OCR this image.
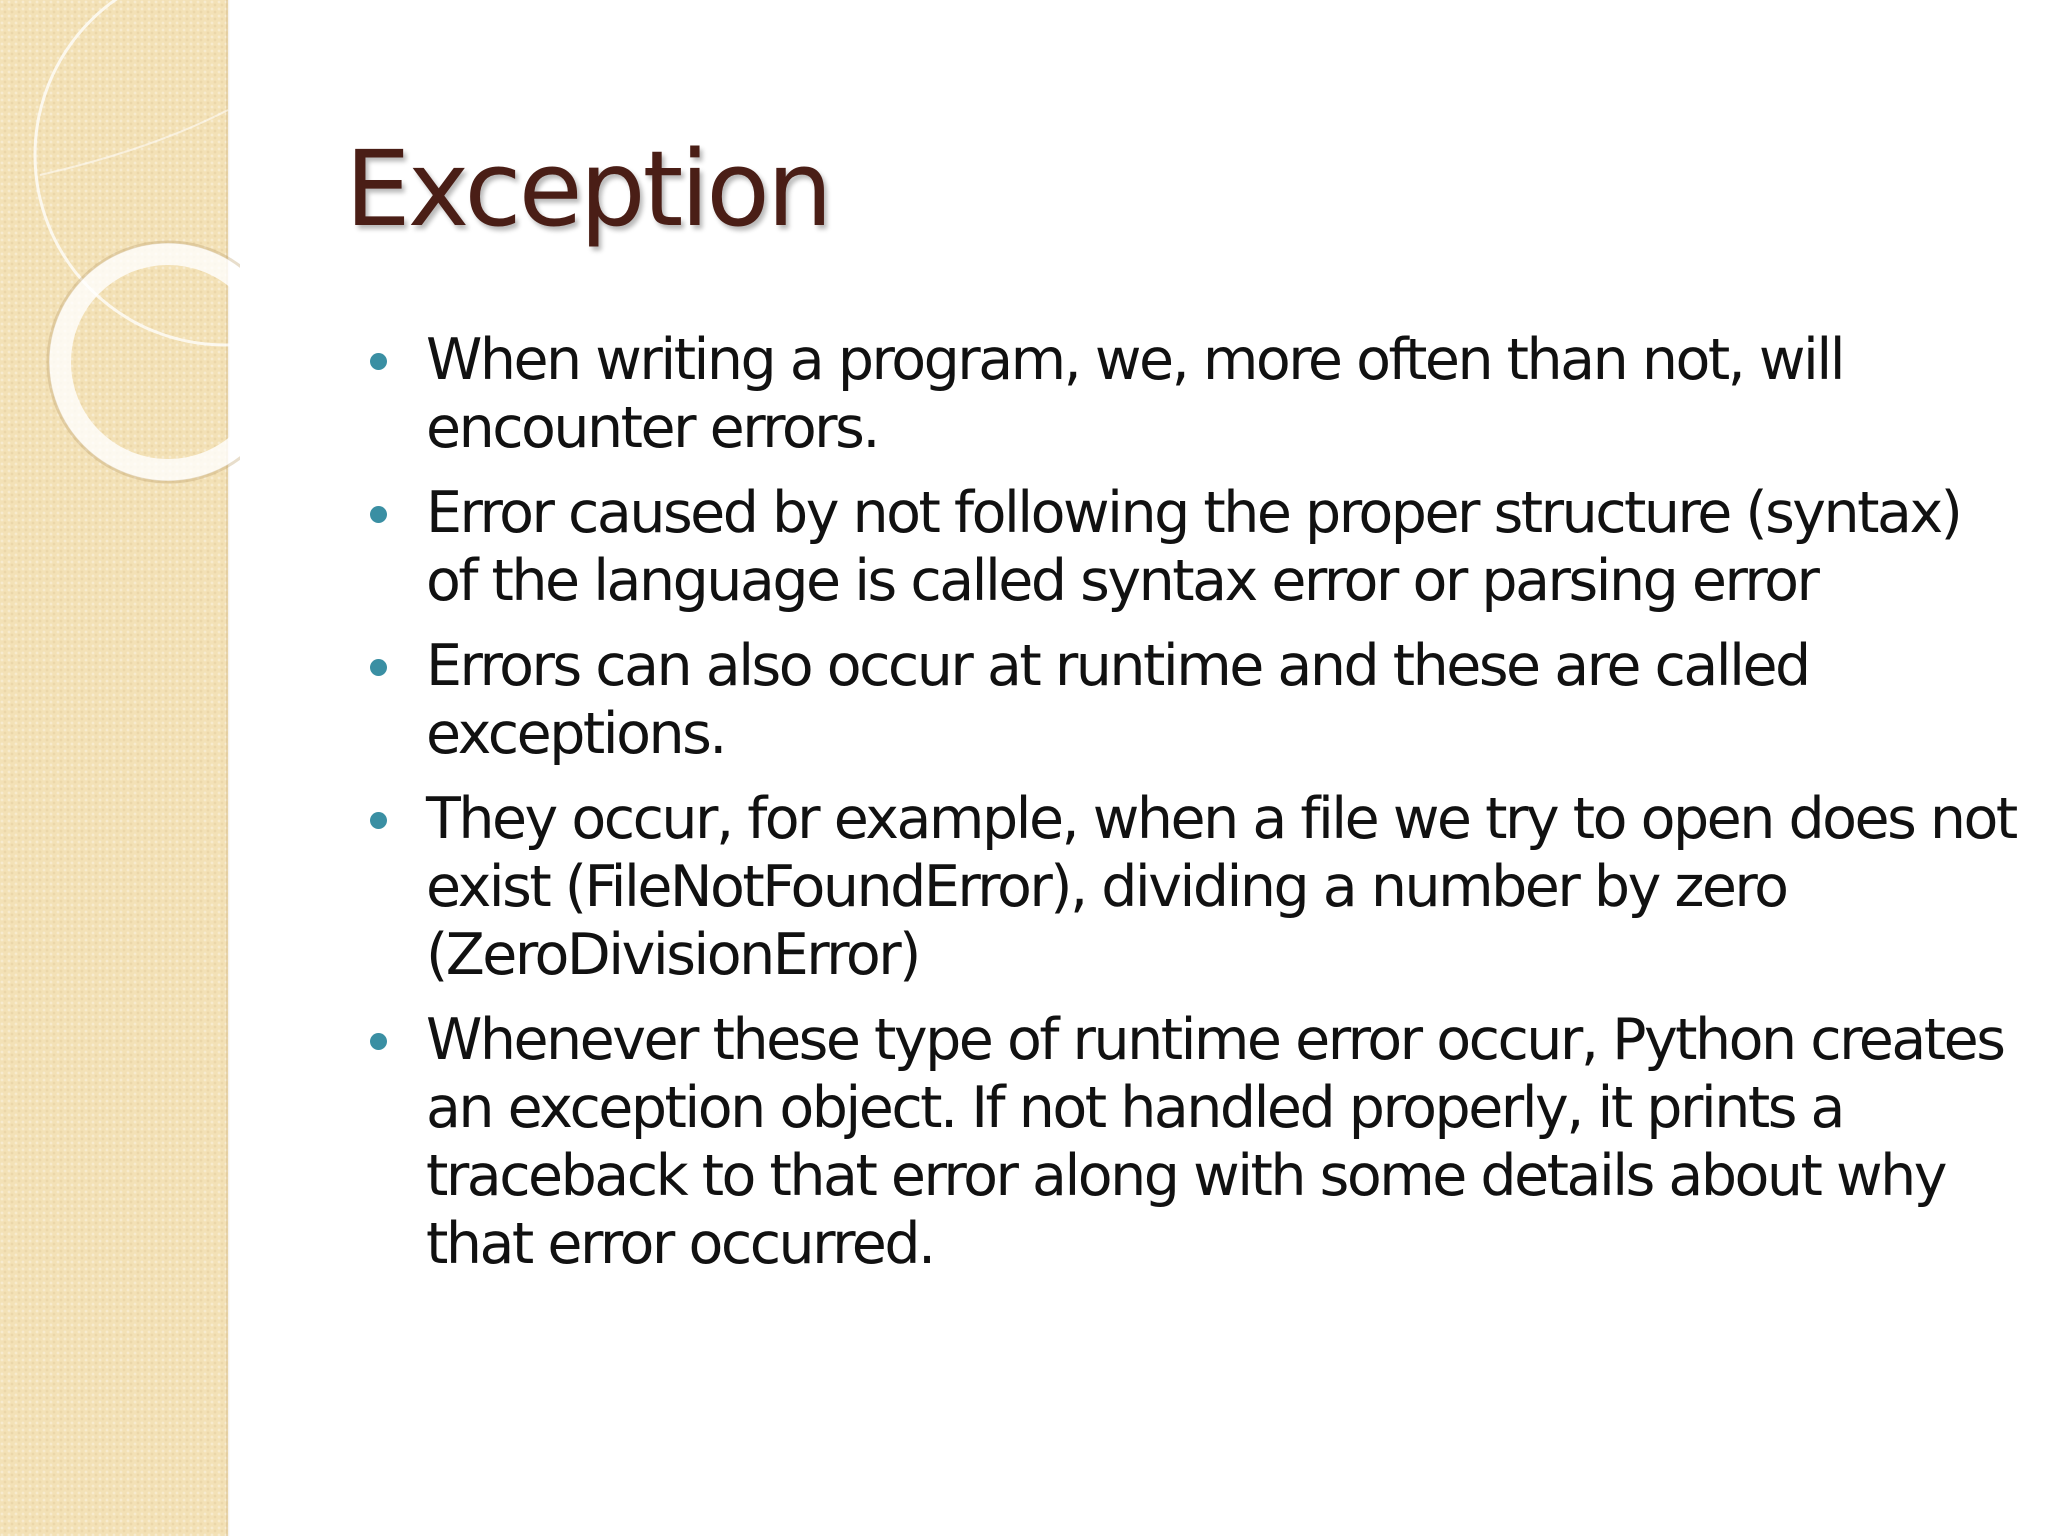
Exception
When writing a program, we, more often than not, will encounter errors.
Error caused by not following the proper structure (syntax) of the language is called syntax error or parsing error
Errors can also occur at runtime and these are called exceptions.
They occur, for example, when a file we try to open does not exist (FileNotFoundError), dividing a number by zero (ZeroDivisionError)
Whenever these type of runtime error occur, Python creates an exception object. If not handled properly, it prints a traceback to that error along with some details about why that error occurred.
